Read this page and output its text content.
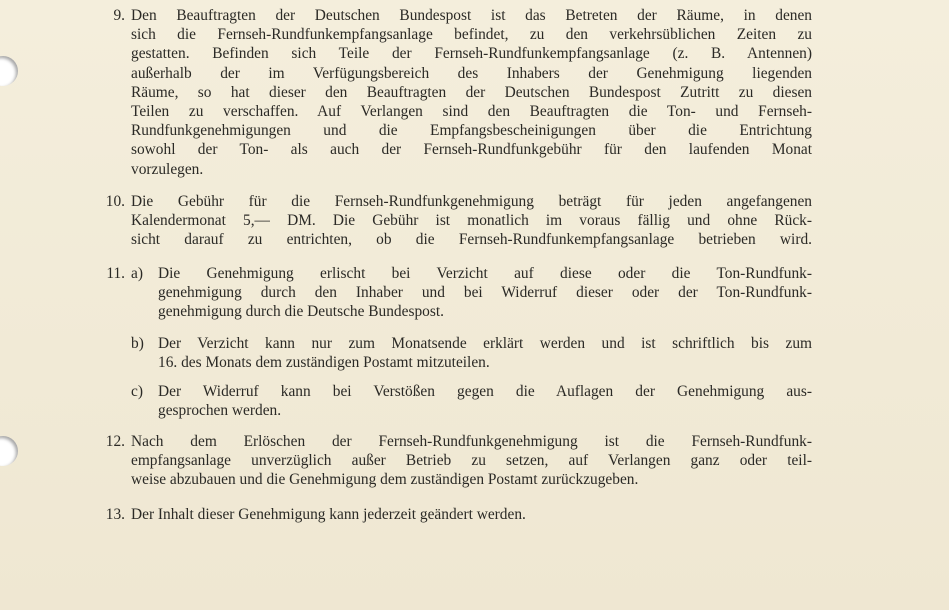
9. Den Beauftragten der Deutschen Bundespost ist das Betreten der Räume, in denen
sich die Fernseh-Rundfunkempfangsanlage befindet, zu den verkehrsüblichen Zeiten zu
gestatten. Befinden sich Teile der Fernseh-Rundfunkempfangsanlage (z. B. Antennen)
außerhalb der im Verfügungsbereich des Inhabers der Genehmigung liegenden
Räume, so hat dieser den Beauftragten der Deutschen Bundespost Zutritt zu diesen
Teilen zu verschaffen. Auf Verlangen sind den Beauftragten die Ton- und Fernseh-
Rundfunkgenehmigungen und die Empfangsbescheinigungen über die Entrichtung
sowohl der Ton- als auch der Fernseh-Rundfunkgebühr für den laufenden Monat
vorzulegen.
10. Die Gebühr für die Fernseh-Rundfunkgenehmigung beträgt für jeden angefangenen
Kalendermonat 5,— DM. Die Gebühr ist monatlich im voraus fällig und ohne Rück-
sicht darauf zu entrichten, ob die Fernseh-Rundfunkempfangsanlage betrieben wird.
11. a) Die Genehmigung erlischt bei Verzicht auf diese oder die Ton-Rundfunk-
genehmigung durch den Inhaber und bei Widerruf dieser oder der Ton-Rundfunk-
genehmigung durch die Deutsche Bundespost.
b) Der Verzicht kann nur zum Monatsende erklärt werden und ist schriftlich bis zum
16. des Monats dem zuständigen Postamt mitzuteilen.
c) Der Widerruf kann bei Verstößen gegen die Auflagen der Genehmigung aus-
gesprochen werden.
12. Nach dem Erlöschen der Fernseh-Rundfunkgenehmigung ist die Fernseh-Rundfunk-
empfangsanlage unverzüglich außer Betrieb zu setzen, auf Verlangen ganz oder teil-
weise abzubauen und die Genehmigung dem zuständigen Postamt zurückzugeben.
13. Der Inhalt dieser Genehmigung kann jederzeit geändert werden.
